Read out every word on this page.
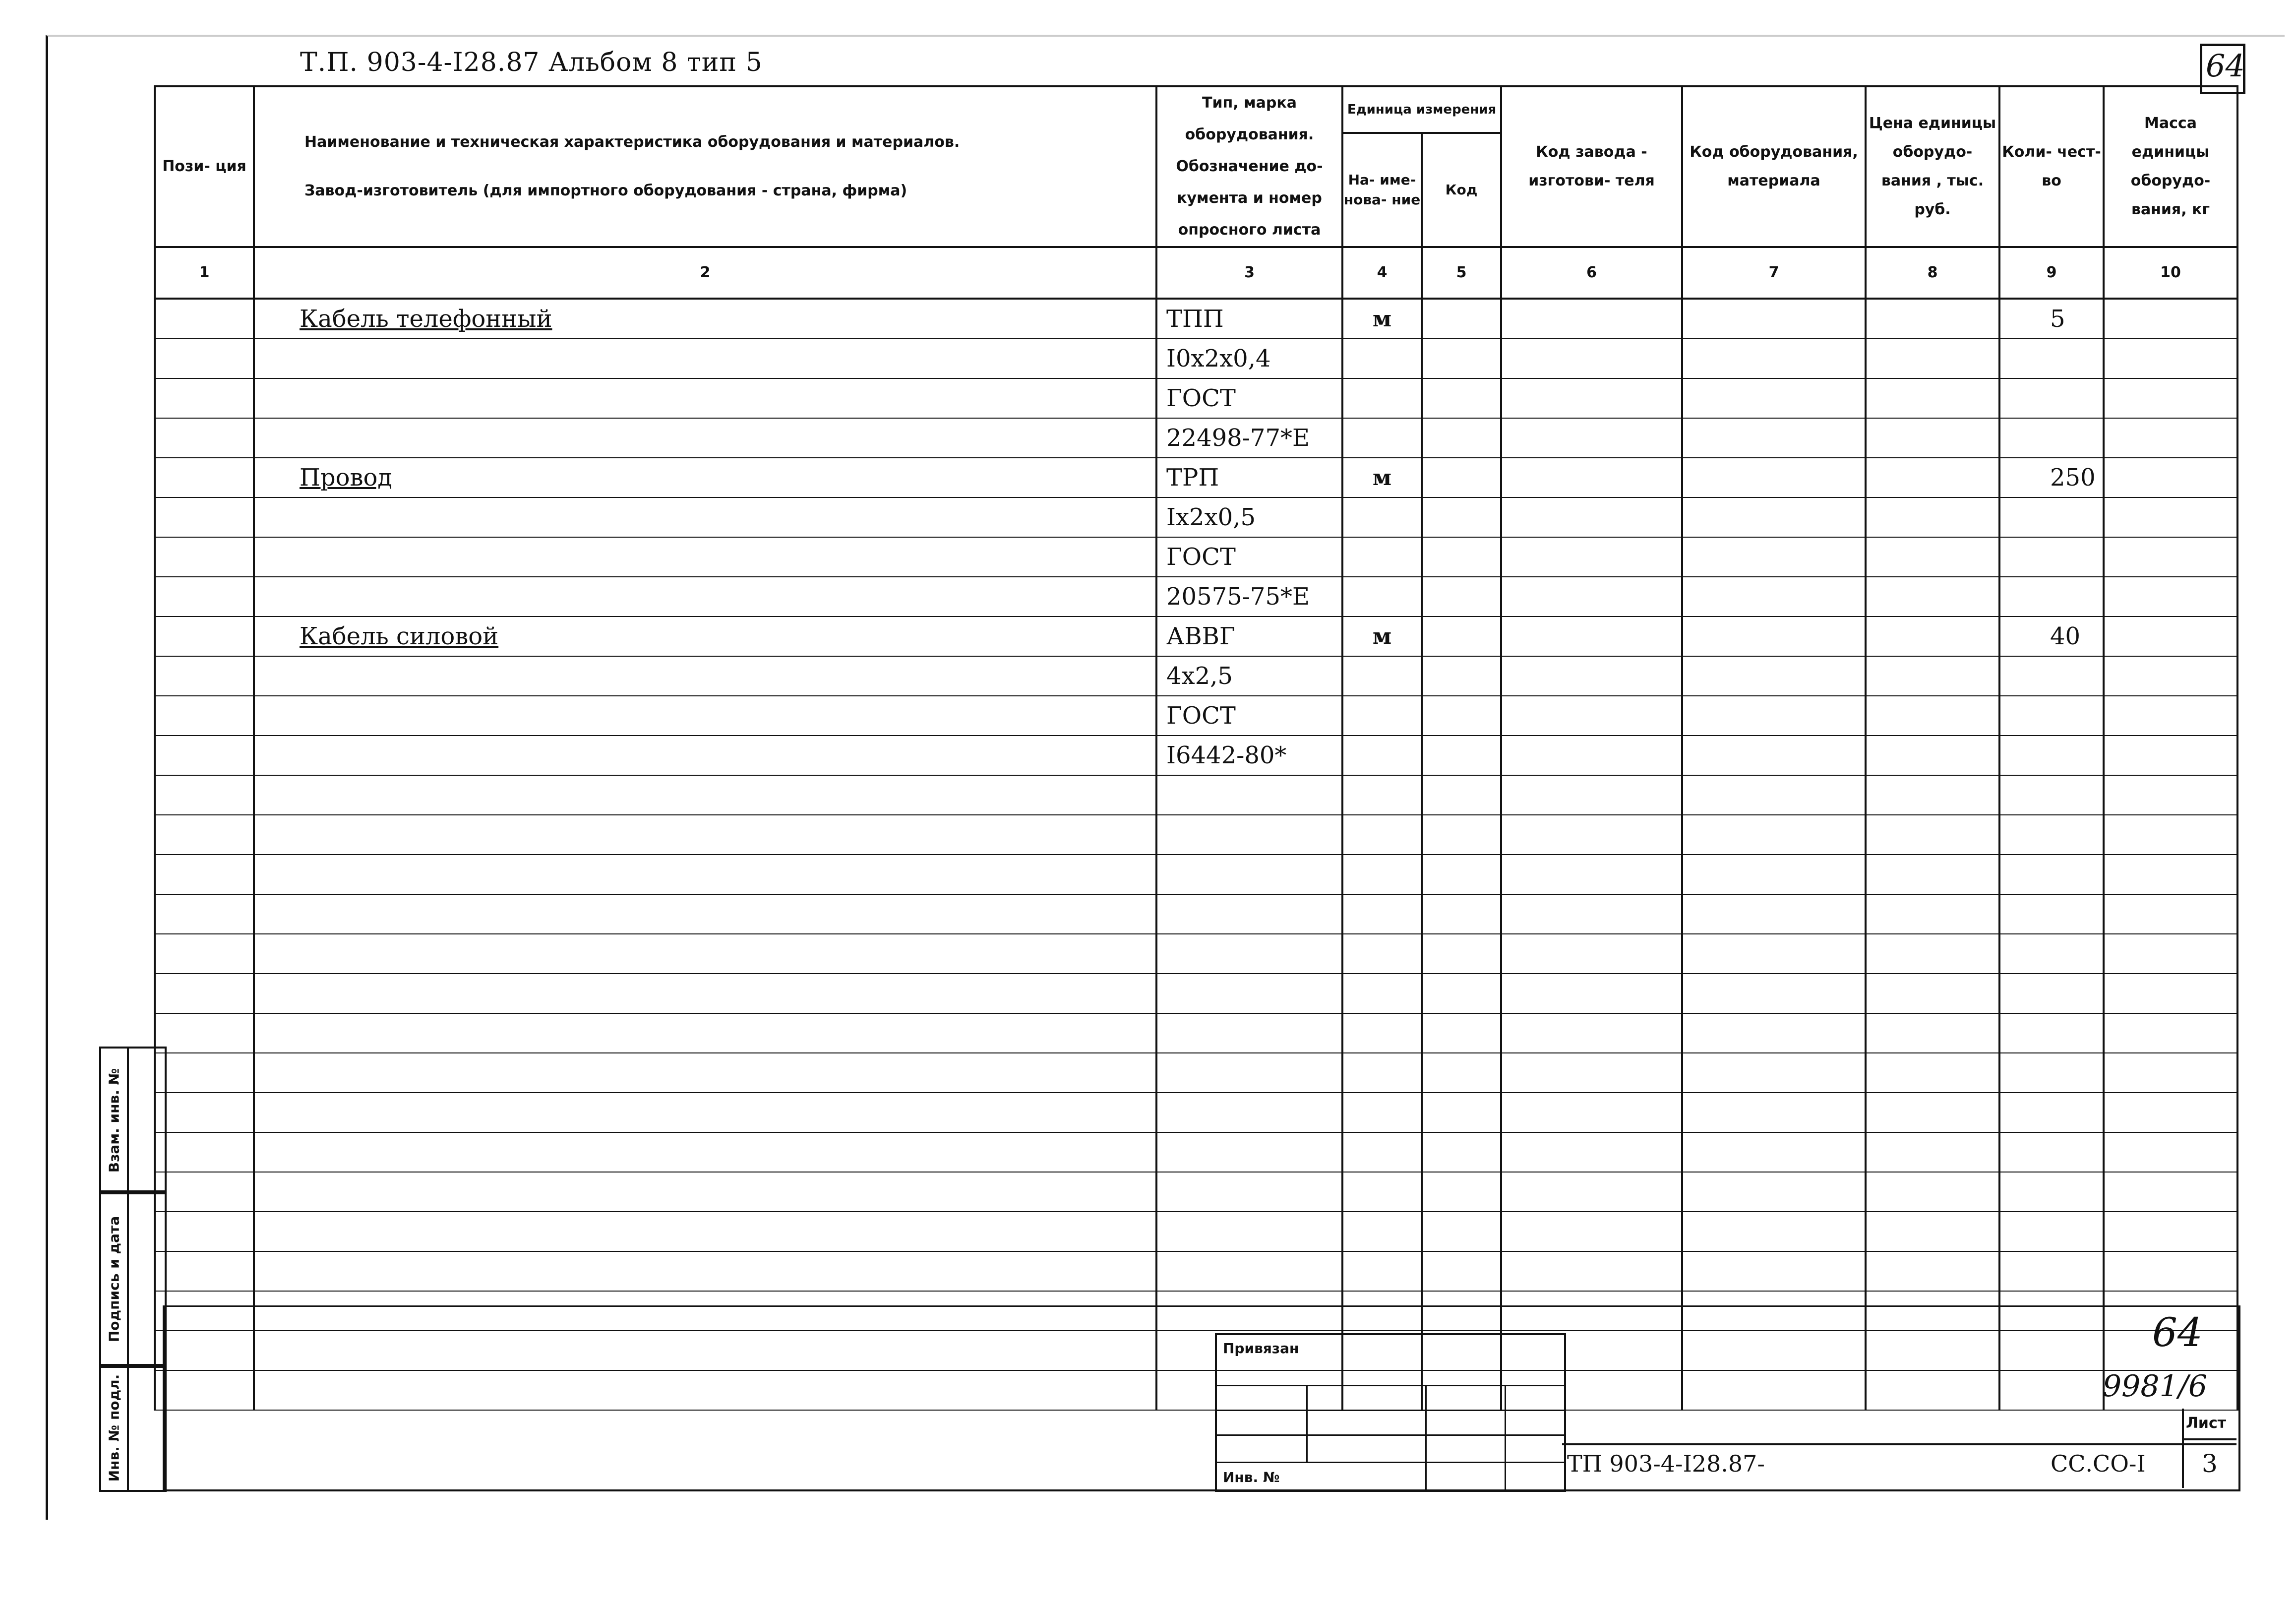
Т.П. 903-4-I28.87 Альбом 8 тип 5	64
Пози- ция	Наименование и техническая характеристика оборудования и материалов.
Завод-изготовитель (для импортного оборудования - страна, фирма)	Тип, марка оборудования. Обозначение до- кумента и номер опросного листа	Единица измерения		Код завода - изготови- теля	Код оборудования, материала	Цена единицы оборудо- вания , тыс. руб.	Коли- чест- во	Масса единицы оборудо- вания, кг
			На- име- нова- ние	Код					
1	2	3	4	5	6	7	8	9	10
	Кабель телефонный	ТПП	м					5	
		I0x2x0,4							
		ГОСТ							
		22498-77*Е							
	Провод	ТРП	м					250	
		Ix2x0,5							
		ГОСТ							
		20575-75*Е							
	Кабель силовой	АВВГ	м					40	
		4x2,5							
		ГОСТ							
		I6442-80*							

Взам. инв. №
Подпись и дата
Инв. № подл.
Привязан
Инв. №
ТП 903-4-I28.87-	СС.СО-I
Лист
3
64
9981/6
